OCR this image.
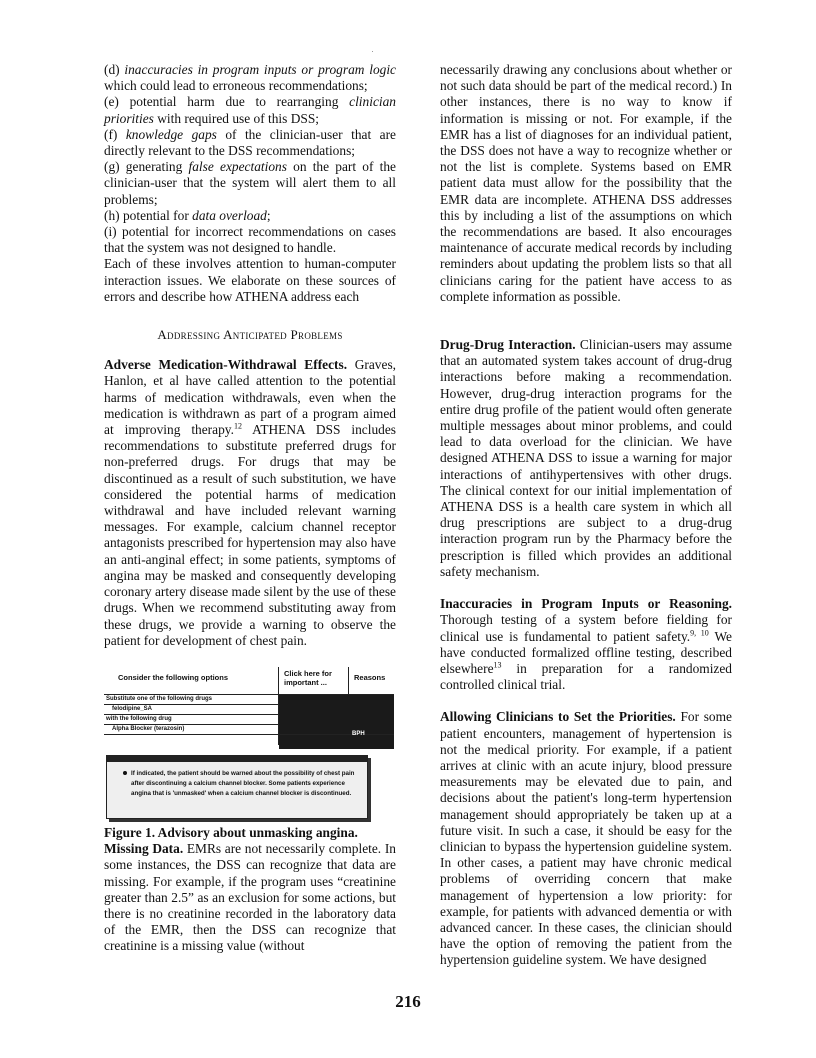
(d) inaccuracies in program inputs or program logic which could lead to erroneous recommendations;
(e) potential harm due to rearranging clinician priorities with required use of this DSS;
(f) knowledge gaps of the clinician-user that are directly relevant to the DSS recommendations;
(g) generating false expectations on the part of the clinician-user that the system will alert them to all problems;
(h) potential for data overload;
(i) potential for incorrect recommendations on cases that the system was not designed to handle.

Each of these involves attention to human-computer interaction issues. We elaborate on these sources of errors and describe how ATHENA address each

Addressing Anticipated Problems

Adverse Medication-Withdrawal Effects. Graves, Hanlon, et al have called attention to the potential harms of medication withdrawals, even when the medication is withdrawn as part of a program aimed at improving therapy.$^{12}$ ATHENA DSS includes recommendations to substitute preferred drugs for non-preferred drugs. For drugs that may be discontinued as a result of such substitution, we have considered the potential harms of medication withdrawal and have included relevant warning messages. For example, calcium channel receptor antagonists prescribed for hypertension may also have an anti-anginal effect; in some patients, symptoms of angina may be masked and consequently developing coronary artery disease made silent by the use of these drugs. When we recommend substituting away from these drugs, we provide a warning to observe the patient for development of chest pain.

Consider the following options	Click here for important ...
Reasons
Substitute one of the following drugs
felodipine_SA
with the following drug
Alpha Blocker (terazosin)
BPH
If indicated, the patient should be warned about the possibility of chest pain after discontinuing a calcium channel blocker. Some patients experience angina that is 'unmasked' when a calcium channel blocker is discontinued.
Figure 1. Advisory about unmasking angina.

Missing Data. EMRs are not necessarily complete. In some instances, the DSS can recognize that data are missing. For example, if the program uses “creatinine greater than 2.5” as an exclusion for some actions, but there is no creatinine recorded in the laboratory data of the EMR, then the DSS can recognize that creatinine is a missing value (without

necessarily drawing any conclusions about whether or not such data should be part of the medical record.) In other instances, there is no way to know if information is missing or not. For example, if the EMR has a list of diagnoses for an individual patient, the DSS does not have a way to recognize whether or not the list is complete. Systems based on EMR patient data must allow for the possibility that the EMR data are incomplete. ATHENA DSS addresses this by including a list of the assumptions on which the recommendations are based. It also encourages maintenance of accurate medical records by including reminders about updating the problem lists so that all clinicians caring for the patient have access to as complete information as possible.

Drug-Drug Interaction. Clinician-users may assume that an automated system takes account of drug-drug interactions before making a recommendation. However, drug-drug interaction programs for the entire drug profile of the patient would often generate multiple messages about minor problems, and could lead to data overload for the clinician. We have designed ATHENA DSS to issue a warning for major interactions of antihypertensives with other drugs. The clinical context for our initial implementation of ATHENA DSS is a health care system in which all drug prescriptions are subject to a drug-drug interaction program run by the Pharmacy before the prescription is filled which provides an additional safety mechanism.

Inaccuracies in Program Inputs or Reasoning. Thorough testing of a system before fielding for clinical use is fundamental to patient safety.$^{9, 10}$ We have conducted formalized offline testing, described elsewhere$^{13}$ in preparation for a randomized controlled clinical trial.

Allowing Clinicians to Set the Priorities. For some patient encounters, management of hypertension is not the medical priority. For example, if a patient arrives at clinic with an acute injury, blood pressure measurements may be elevated due to pain, and decisions about the patient's long-term hypertension management should appropriately be taken up at a future visit. In such a case, it should be easy for the clinician to bypass the hypertension guideline system. In other cases, a patient may have chronic medical problems of overriding concern that make management of hypertension a low priority: for example, for patients with advanced dementia or with advanced cancer. In these cases, the clinician should have the option of removing the patient from the hypertension guideline system. We have designed

216
